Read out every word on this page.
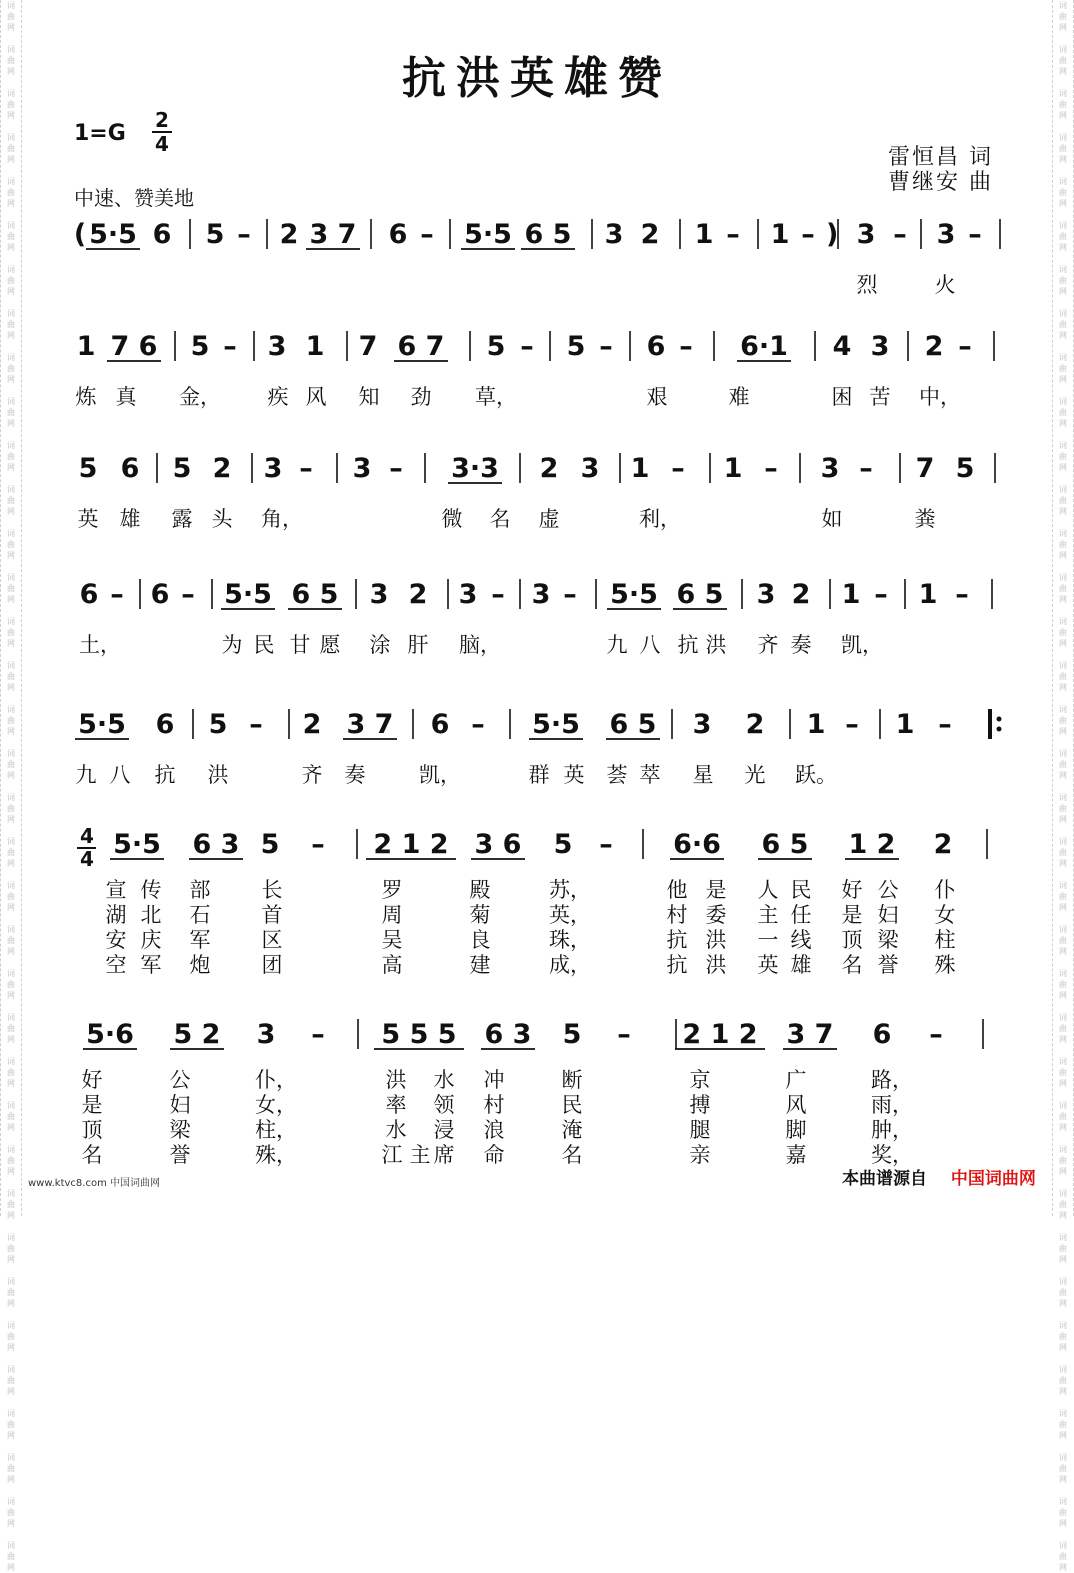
词
曲
网

词
曲
网

词
曲
网

词
曲
网

词
曲
网

词
曲
网

词
曲
网

词
曲
网

词
曲
网

词
曲
网

词
曲
网

词
曲
网

词
曲
网

词
曲
网

词
曲
网

词
曲
网

词
曲
网

词
曲
网

词
曲
网

词
曲
网

词
曲
网

词
曲
网

词
曲
网

词
曲
网

词
曲
网

词
曲
网

词
曲
网

词
曲
网

词
曲
网

词
曲
网

词
曲
网

词
曲
网

词
曲
网

词
曲
网

词
曲
网

词
曲
网

词
曲
网

词
曲
网

词
曲
网

词
曲
网

词
曲
网

词
曲
网

词
曲
网

词
曲
网

词
曲
网

词
曲
网

词
曲
网

词
曲
网

词
曲
网

词
曲
网

词
曲
网

词
曲
网

词
曲
网

词
曲
网

词
曲
网

词
曲
网

词
曲
网

词
曲
网

词
曲
网

词
曲
网

词
曲
网

词
曲
网

词
曲
网

词
曲
网

词
曲
网

词
曲
网

词
曲
网

词
曲
网

词
曲
网

词
曲
网

词
曲
网

词
曲
网

抗洪英雄赞
1=G
2
4
雷恒昌 词
曹继安 曲
中速、赞美地
( 5·5 6 5 – 2 3 7 6 – 5·5 6 5 3 2 1 – 1 – ) 3 – 3 –
烈	火
1 7 6 5 – 3 1 7 6 7 5 – 5 – 6 – 6·1 4 3 2 –
炼 真 金， 疾 风 知 劲 草，	艰	难	困 苦 中，
5 6 5 2 3 – 3 – 3·3 2 3 1 – 1 – 3 – 7 5
英 雄 露 头 角，	微 名 虚	利，	如	粪
6 – 6 – 5·5 6 5 3 2 3 – 3 – 5·5 6 5 3 2 1 – 1 –
土，	为 民 甘 愿 涂 肝 脑，	九 八 抗 洪 齐 奏 凯，
5·5 6 5 – 2 3 7 6 – 5·5 6 5 3 2 1 – 1 –
九 八 抗 洪	齐 奏	凯，	群 英 荟 萃 星 光 跃。
5·5 6 3 5 – 2 1 2 3 6 5 – 6·6 6 5 1 2 2
宣 传 部 长	罗	殿	苏，	他 是 人 民 好 公 仆
湖 北 石 首	周	菊	英，	村 委 主 任 是 妇 女
安 庆 军 区	吴	良	珠，	抗 洪 一 线 顶 梁 柱
空 军 炮 团	高	建	成，	抗 洪 英 雄 名 誉 殊
5·6 5 2 3 – 5 5 5 6 3 5 – 2 1 2 3 7 6 –
好	公	仆，	洪 水 冲	断	京	广	路，
是	妇	女，	率 领 村	民	搏	风	雨，
顶	梁	柱，	水 浸 浪	淹	腿	脚	肿，
名	誉	殊，	江 主 席 命	名	亲	嘉	奖，
4
4
www.ktvc8.com 中国词曲网	本曲谱源自 中国词曲网
